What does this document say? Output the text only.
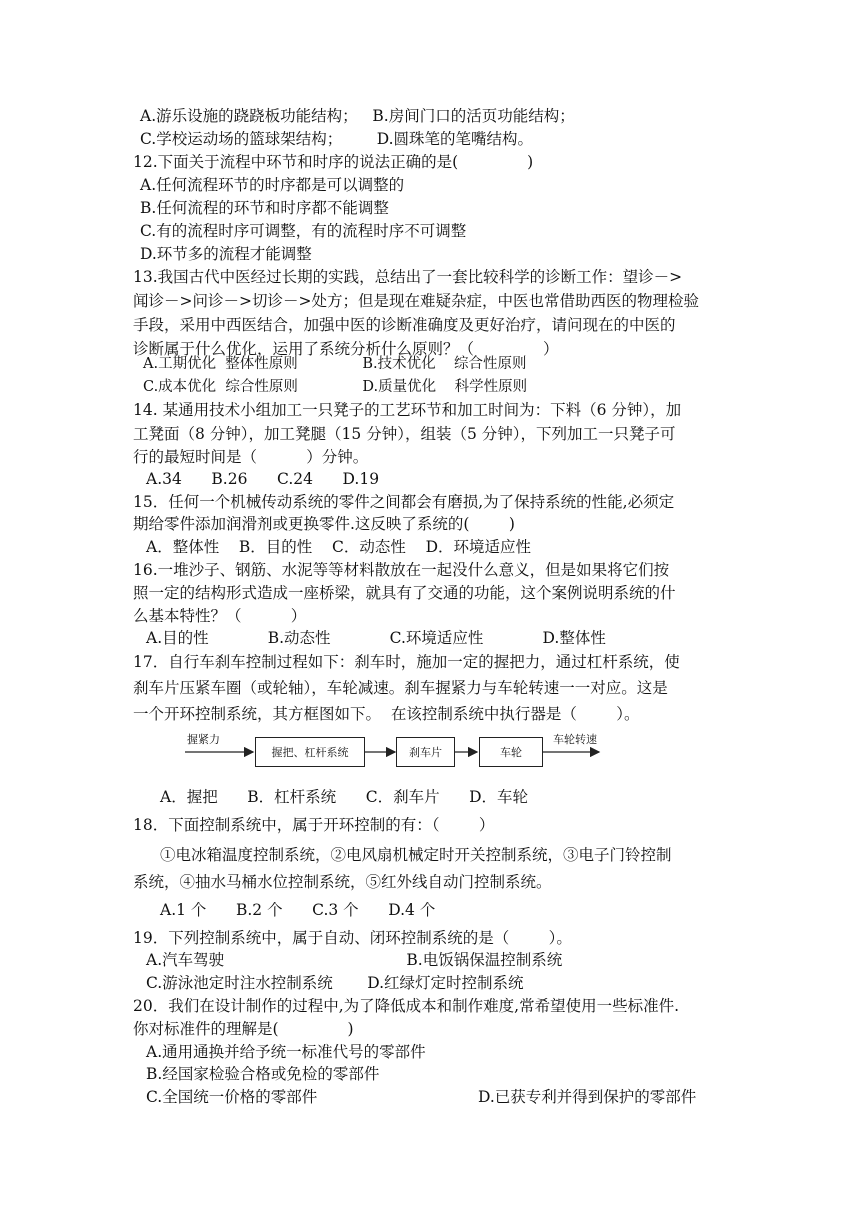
A.游乐设施的跷跷板功能结构；   B.房间门口的活页功能结构；
C.学校运动场的篮球架结构；       D.圆珠笔的笔嘴结构。
12.下面关于流程中环节和时序的说法正确的是(              )
A.任何流程环节的时序都是可以调整的
B.任何流程的环节和时序都不能调整
C.有的流程时序可调整，有的流程时序不可调整
D.环节多的流程才能调整
13.我国古代中医经过长期的实践，总结出了一套比较科学的诊断工作：望诊－>
闻诊－>问诊－>切诊－>处方；但是现在难疑杂症，中医也常借助西医的物理检验
手段，采用中西医结合，加强中医的诊断准确度及更好治疗，请问现在的中医的
诊断属于什么优化，运用了系统分析什么原则？（              ）
A.工期优化  整体性原则              B.技术优化    综合性原则
C.成本优化  综合性原则              D.质量优化    科学性原则
14. 某通用技术小组加工一只凳子的工艺环节和加工时间为：下料（6 分钟），加
工凳面（8 分钟），加工凳腿（15 分钟），组装（5 分钟），下列加工一只凳子可
行的最短时间是（          ）分钟。
A.34      B.26      C.24      D.19
15．任何一个机械传动系统的零件之间都会有磨损,为了保持系统的性能,必须定
期给零件添加润滑剂或更换零件.这反映了系统的(        )
A．整体性    B．目的性    C．动态性    D．环境适应性
16.一堆沙子、钢筋、水泥等等材料散放在一起没什么意义，但是如果将它们按
照一定的结构形式造成一座桥梁，就具有了交通的功能，这个案例说明系统的什
么基本特性？（          ）
A.目的性            B.动态性            C.环境适应性            D.整体性
17．自行车刹车控制过程如下：刹车时，施加一定的握把力，通过杠杆系统，使
刹车片压紧车圈（或轮轴），车轮减速。刹车握紧力与车轮转速一一对应。这是
一个开环控制系统，其方框图如下。  在该控制系统中执行器是（        ）。
握紧力
握把、杠杆系统	刹车片	车轮
车轮转速
A．握把      B．杠杆系统      C．刹车片      D．车轮
18．下面控制系统中，属于开环控制的有：（        ）
①电冰箱温度控制系统，②电风扇机械定时开关控制系统，③电子门铃控制
系统，④抽水马桶水位控制系统，⑤红外线自动门控制系统。
A.1 个      B.2 个      C.3 个      D.4 个
19．下列控制系统中，属于自动、闭环控制系统的是（        ）。
A.汽车驾驶                                     B.电饭锅保温控制系统
C.游泳池定时注水控制系统       D.红绿灯定时控制系统
20．我们在设计制作的过程中,为了降低成本和制作难度,常希望使用一些标准件.
你对标准件的理解是(              )
A.通用通换并给予统一标准代号的零部件
B.经国家检验合格或免检的零部件
C.全国统一价格的零部件	D.已获专利并得到保护的零部件
